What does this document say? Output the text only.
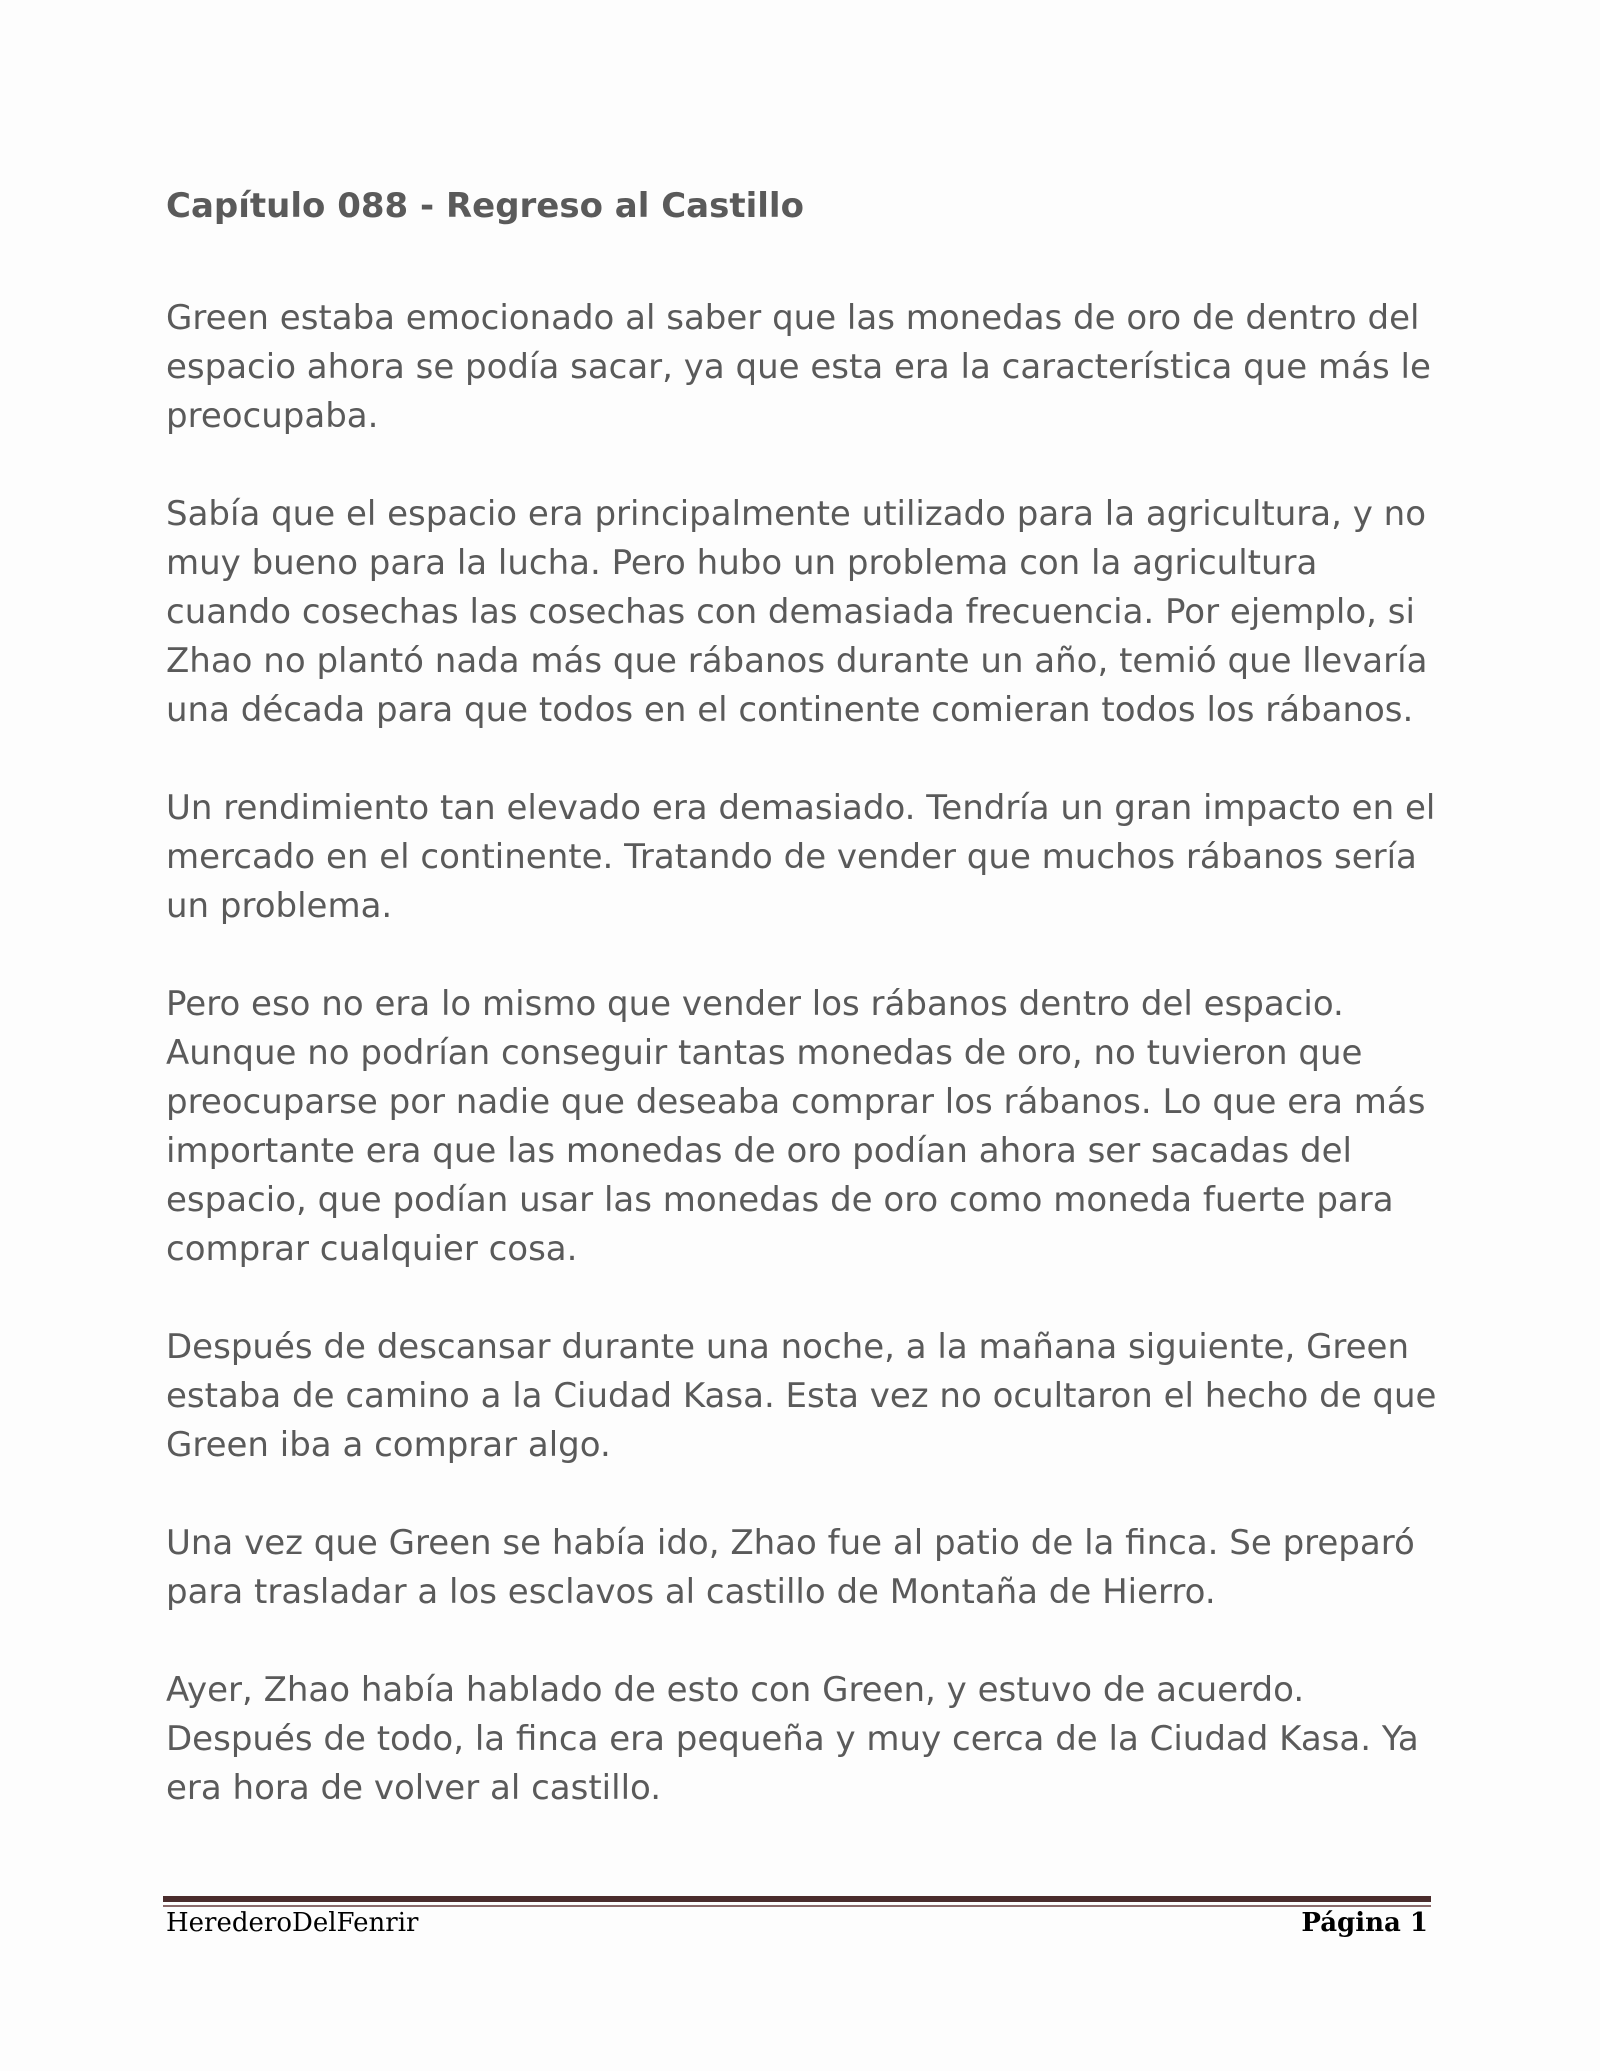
Capítulo 088 - Regreso al Castillo

Green estaba emocionado al saber que las monedas de oro de dentro del espacio ahora se podía sacar, ya que esta era la característica que más le preocupaba.

Sabía que el espacio era principalmente utilizado para la agricultura, y no muy bueno para la lucha. Pero hubo un problema con la agricultura cuando cosechas las cosechas con demasiada frecuencia. Por ejemplo, si Zhao no plantó nada más que rábanos durante un año, temió que llevaría una década para que todos en el continente comieran todos los rábanos.

Un rendimiento tan elevado era demasiado. Tendría un gran impacto en el mercado en el continente. Tratando de vender que muchos rábanos sería un problema.

Pero eso no era lo mismo que vender los rábanos dentro del espacio. Aunque no podrían conseguir tantas monedas de oro, no tuvieron que preocuparse por nadie que deseaba comprar los rábanos. Lo que era más importante era que las monedas de oro podían ahora ser sacadas del espacio, que podían usar las monedas de oro como moneda fuerte para comprar cualquier cosa.

Después de descansar durante una noche, a la mañana siguiente, Green estaba de camino a la Ciudad Kasa. Esta vez no ocultaron el hecho de que Green iba a comprar algo.

Una vez que Green se había ido, Zhao fue al patio de la finca. Se preparó para trasladar a los esclavos al castillo de Montaña de Hierro.

Ayer, Zhao había hablado de esto con Green, y estuvo de acuerdo. Después de todo, la finca era pequeña y muy cerca de la Ciudad Kasa. Ya era hora de volver al castillo.

HerederoDelFenrir	Página 1
